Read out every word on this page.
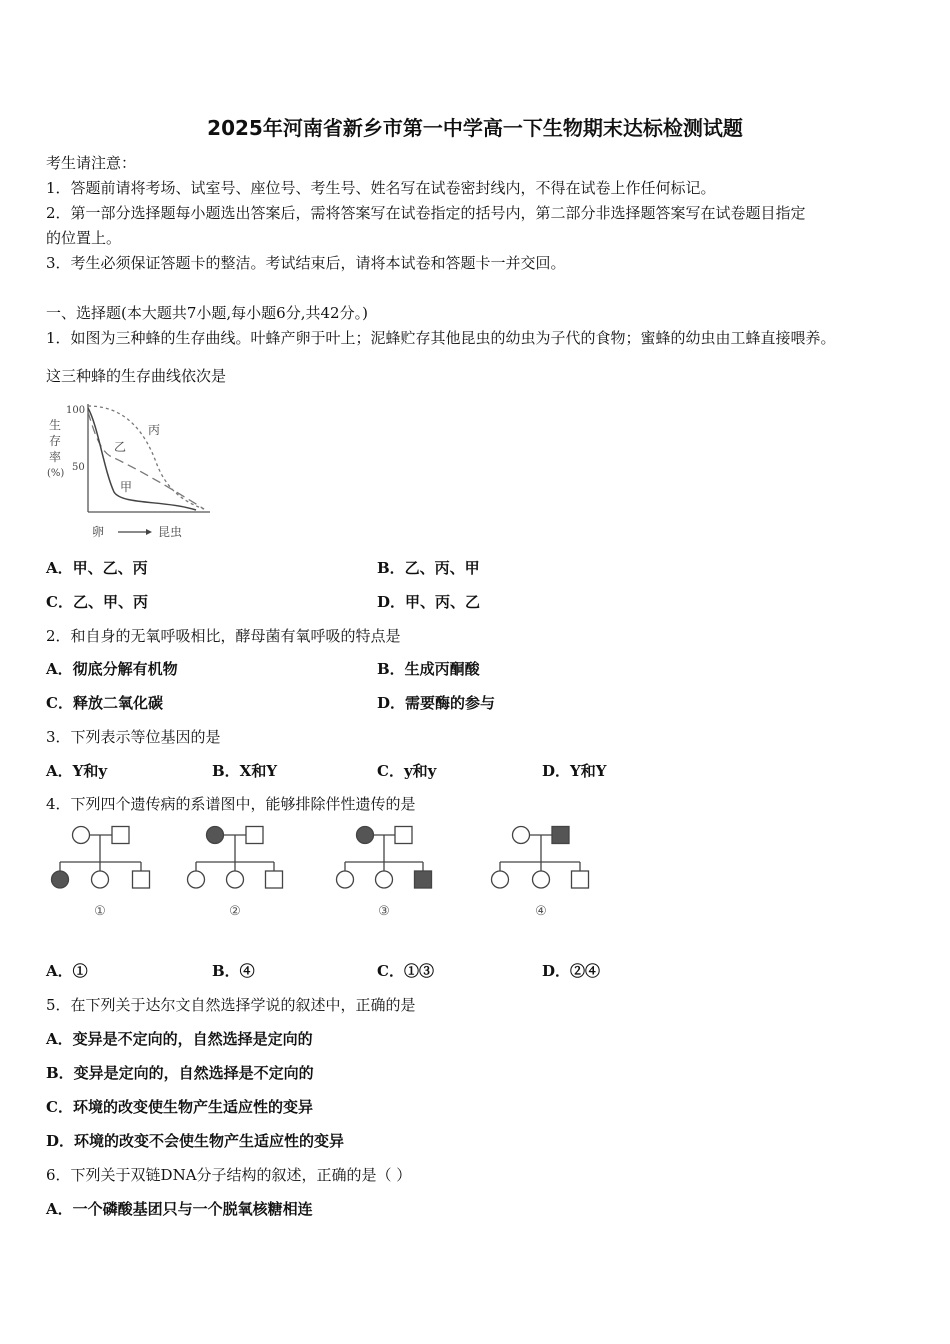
2025年河南省新乡市第一中学高一下生物期末达标检测试题
考生请注意：
1．答题前请将考场、试室号、座位号、考生号、姓名写在试卷密封线内，不得在试卷上作任何标记。
2．第一部分选择题每小题选出答案后，需将答案写在试卷指定的括号内，第二部分非选择题答案写在试卷题目指定
的位置上。
3．考生必须保证答题卡的整洁。考试结束后，请将本试卷和答题卡一并交回。
一、选择题(本大题共7小题,每小题6分,共42分。)
1．如图为三种蜂的生存曲线。叶蜂产卵于叶上；泥蜂贮存其他昆虫的幼虫为子代的食物；蜜蜂的幼虫由工蜂直接喂养。
这三种蜂的生存曲线依次是
生
存
率
(%)
100
50
丙
乙
甲
卵	昆虫
A．甲、乙、丙	B．乙、丙、甲
C．乙、甲、丙	D．甲、丙、乙
2．和自身的无氧呼吸相比，酵母菌有氧呼吸的特点是
A．彻底分解有机物	B．生成丙酮酸
C．释放二氧化碳	D．需要酶的参与
3．下列表示等位基因的是
A．Y和y	B．X和Y	C．y和y	D．Y和Y
4．下列四个遗传病的系谱图中，能够排除伴性遗传的是
①	②	③	④
A．①	B．④	C．①③	D．②④
5．在下列关于达尔文自然选择学说的叙述中，正确的是
A．变异是不定向的，自然选择是定向的
B．变异是定向的，自然选择是不定向的
C．环境的改变使生物产生适应性的变异
D．环境的改变不会使生物产生适应性的变异
6．下列关于双链DNA分子结构的叙述，正确的是（ ）
A．一个磷酸基团只与一个脱氧核糖相连
